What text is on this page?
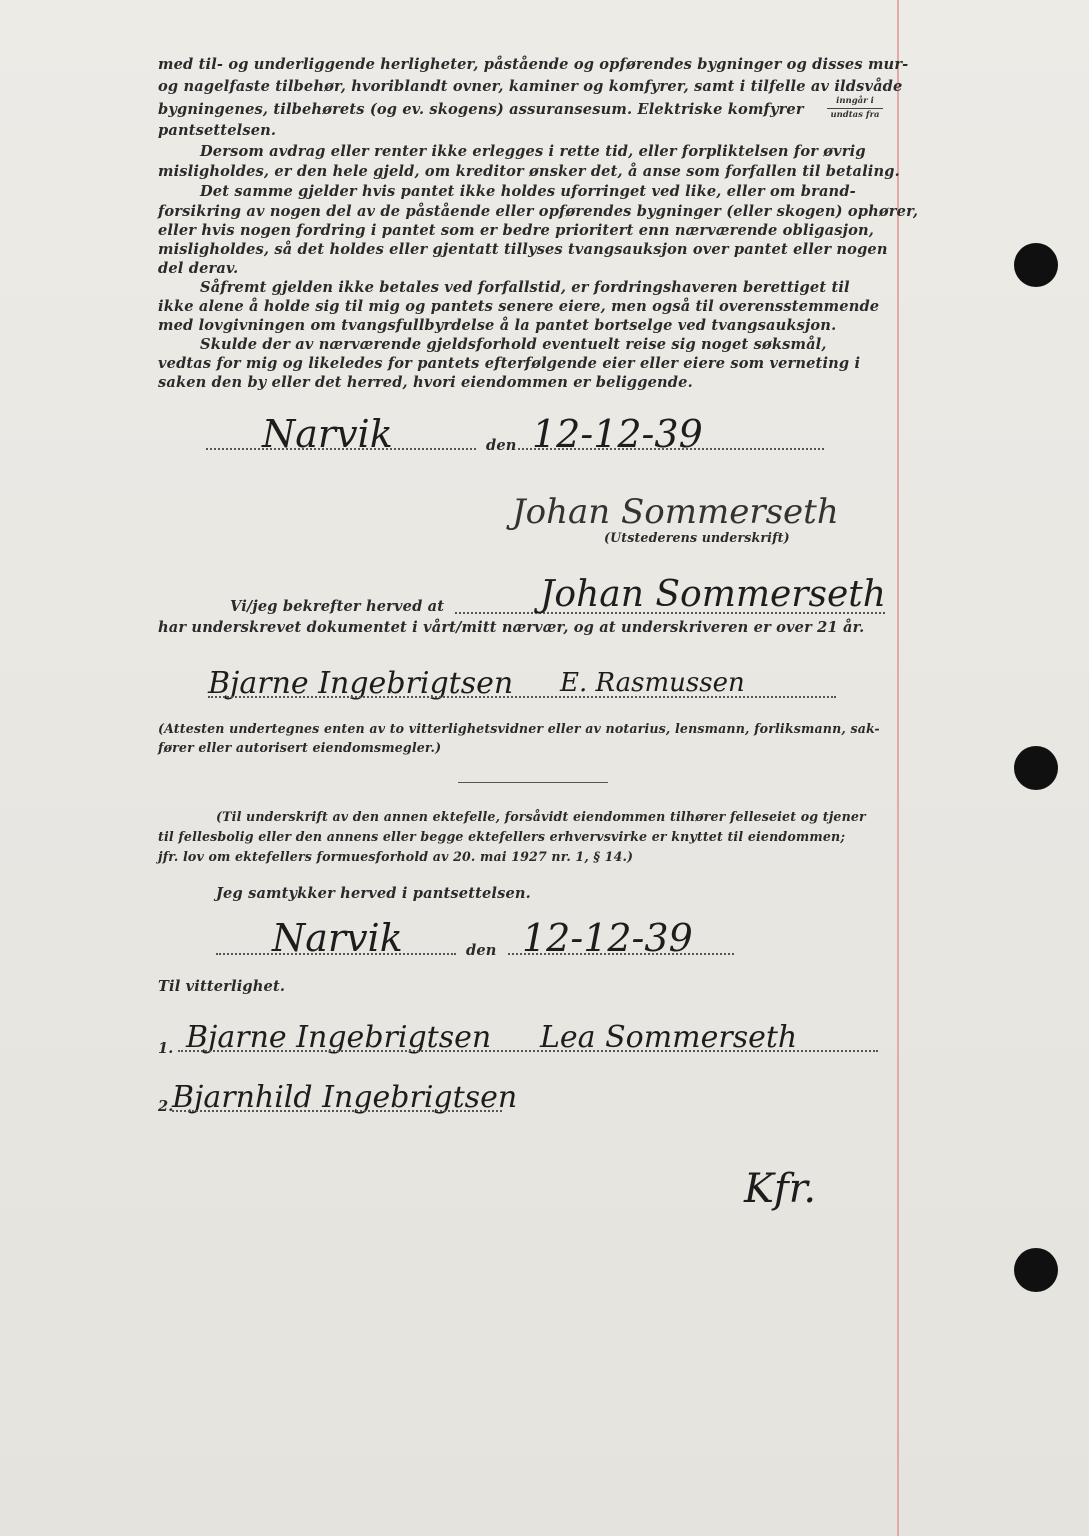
med til- og underliggende herligheter, påstående og opførendes bygninger og disses mur-
og nagelfaste tilbehør, hvoriblandt ovner, kaminer og komfyrer, samt i tilfelle av ildsvåde
bygningenes, tilbehørets (og ev. skogens) assuransesum. Elektriske komfyrer	inngår i
undtas fra
pantsettelsen.
Dersom avdrag eller renter ikke erlegges i rette tid, eller forpliktelsen for øvrig
misligholdes, er den hele gjeld, om kreditor ønsker det, å anse som forfallen til betaling.
Det samme gjelder hvis pantet ikke holdes uforringet ved like, eller om brand-
forsikring av nogen del av de påstående eller opførendes bygninger (eller skogen) ophører,
eller hvis nogen fordring i pantet som er bedre prioritert enn nærværende obligasjon,
misligholdes, så det holdes eller gjentatt tillyses tvangsauksjon over pantet eller nogen
del derav.
Såfremt gjelden ikke betales ved forfallstid, er fordringshaveren berettiget til
ikke alene å holde sig til mig og pantets senere eiere, men også til overensstemmende
med lovgivningen om tvangsfullbyrdelse å la pantet bortselge ved tvangsauksjon.
Skulde der av nærværende gjeldsforhold eventuelt reise sig noget søksmål,
vedtas for mig og likeledes for pantets efterfølgende eier eller eiere som verneting i
saken den by eller det herred, hvori eiendommen er beliggende.
Narvik	den 12-12-39
Johan Sommerseth
(Utstederens underskrift)
Vi/jeg bekrefter herved at	Johan Sommerseth
har underskrevet dokumentet i vårt/mitt nærvær, og at underskriveren er over 21 år.
Bjarne Ingebrigtsen E. Rasmussen
(Attesten undertegnes enten av to vitterlighetsvidner eller av notarius, lensmann, forliksmann, sak-
fører eller autorisert eiendomsmegler.)
(Til underskrift av den annen ektefelle, forsåvidt eiendommen tilhører felleseiet og tjener
til fellesbolig eller den annens eller begge ektefellers erhvervsvirke er knyttet til eiendommen;
jfr. lov om ektefellers formuesforhold av 20. mai 1927 nr. 1, § 14.)
Jeg samtykker herved i pantsettelsen.
Narvik	den 12-12-39
Til vitterlighet.
1. Bjarne Ingebrigtsen Lea Sommerseth
2.
Bjarnhild Ingebrigtsen
Kfr.
